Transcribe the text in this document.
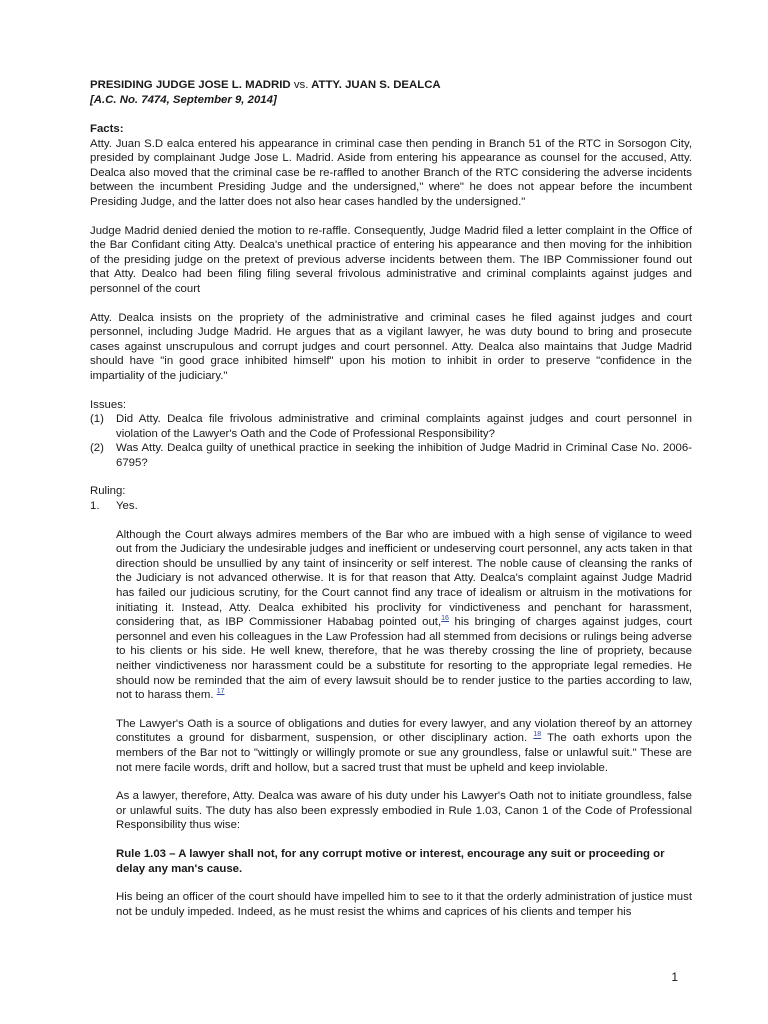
PRESIDING JUDGE JOSE L. MADRID vs. ATTY. JUAN S. DEALCA

[A.C. No. 7474, September 9, 2014]

Facts:

Atty. Juan S.D ealca entered his appearance in criminal case then pending in Branch 51 of the RTC in Sorsogon City, presided by complainant Judge Jose L. Madrid. Aside from entering his appearance as counsel for the accused, Atty. Dealca also moved that the criminal case be re-raffled to another Branch of the RTC considering the adverse incidents between the incumbent Presiding Judge and the undersigned," where" he does not appear before the incumbent Presiding Judge, and the latter does not also hear cases handled by the undersigned."

Judge Madrid denied denied the motion to re-raffle. Consequently, Judge Madrid filed a letter complaint in the Office of the Bar Confidant citing Atty. Dealca's unethical practice of entering his appearance and then moving for the inhibition of the presiding judge on the pretext of previous adverse incidents between them. The IBP Commissioner found out that Atty. Dealco had been filing filing several frivolous administrative and criminal complaints against judges and personnel of the court

Atty. Dealca insists on the propriety of the administrative and criminal cases he filed against judges and court personnel, including Judge Madrid. He argues that as a vigilant lawyer, he was duty bound to bring and prosecute cases against unscrupulous and corrupt judges and court personnel. Atty. Dealca also maintains that Judge Madrid should have "in good grace inhibited himself" upon his motion to inhibit in order to preserve "confidence in the impartiality of the judiciary."

Issues:

(1)	Did Atty. Dealca file frivolous administrative and criminal complaints against judges and court personnel in violation of the Lawyer's Oath and the Code of Professional Responsibility?
(2)	Was Atty. Dealca guilty of unethical practice in seeking the inhibition of Judge Madrid in Criminal Case No. 2006-6795?

Ruling:

1.	Yes.

Although the Court always admires members of the Bar who are imbued with a high sense of vigilance to weed out from the Judiciary the undesirable judges and inefficient or undeserving court personnel, any acts taken in that direction should be unsullied by any taint of insincerity or self interest. The noble cause of cleansing the ranks of the Judiciary is not advanced otherwise. It is for that reason that Atty. Dealca's complaint against Judge Madrid has failed our judicious scrutiny, for the Court cannot find any trace of idealism or altruism in the motivations for initiating it. Instead, Atty. Dealca exhibited his proclivity for vindictiveness and penchant for harassment, considering that, as IBP Commissioner Hababag pointed out,$^{16}$ his bringing of charges against judges, court personnel and even his colleagues in the Law Profession had all stemmed from decisions or rulings being adverse to his clients or his side. He well knew, therefore, that he was thereby crossing the line of propriety, because neither vindictiveness nor harassment could be a substitute for resorting to the appropriate legal remedies. He should now be reminded that the aim of every lawsuit should be to render justice to the parties according to law, not to harass them. $^{17}$

The Lawyer's Oath is a source of obligations and duties for every lawyer, and any violation thereof by an attorney constitutes a ground for disbarment, suspension, or other disciplinary action. $^{18}$ The oath exhorts upon the members of the Bar not to "wittingly or willingly promote or sue any groundless, false or unlawful suit." These are not mere facile words, drift and hollow, but a sacred trust that must be upheld and keep inviolable.

As a lawyer, therefore, Atty. Dealca was aware of his duty under his Lawyer's Oath not to initiate groundless, false or unlawful suits. The duty has also been expressly embodied in Rule 1.03, Canon 1 of the Code of Professional Responsibility thus wise:

Rule 1.03 – A lawyer shall not, for any corrupt motive or interest, encourage any suit or proceeding or delay any man's cause.

His being an officer of the court should have impelled him to see to it that the orderly administration of justice must not be unduly impeded. Indeed, as he must resist the whims and caprices of his clients and temper his

1
